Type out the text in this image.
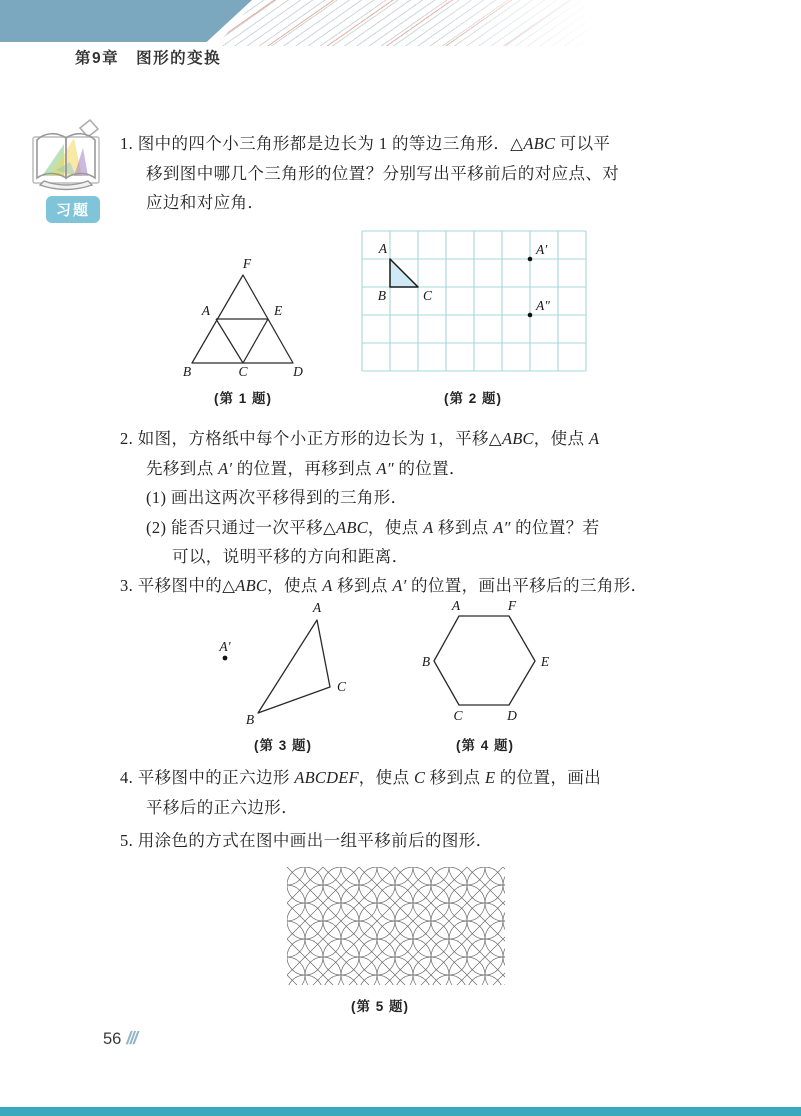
第9章　图形的变换
习题
1. 图中的四个小三角形都是边长为 1 的等边三角形．△ABC 可以平
移到图中哪几个三角形的位置？分别写出平移前后的对应点、对
应边和对应角．
2. 如图，方格纸中每个小正方形的边长为 1，平移△ABC，使点 A
先移到点 A′ 的位置，再移到点 A″ 的位置．
(1) 画出这两次平移得到的三角形．
(2) 能否只通过一次平移△ABC，使点 A 移到点 A″ 的位置？若
可以，说明平移的方向和距离．
3. 平移图中的△ABC，使点 A 移到点 A′ 的位置，画出平移后的三角形．
4. 平移图中的正六边形 ABCDEF，使点 C 移到点 E 的位置，画出
平移后的正六边形．
5. 用涂色的方式在图中画出一组平移前后的图形．
F
A	E
B	C	D
(第 1 题)
A
B	C
A′
A″
(第 2 题)
A
B
C
A′
(第 3 题)
A	F
B	E
C	D
(第 4 题)
(第 5 题)
56 ///
